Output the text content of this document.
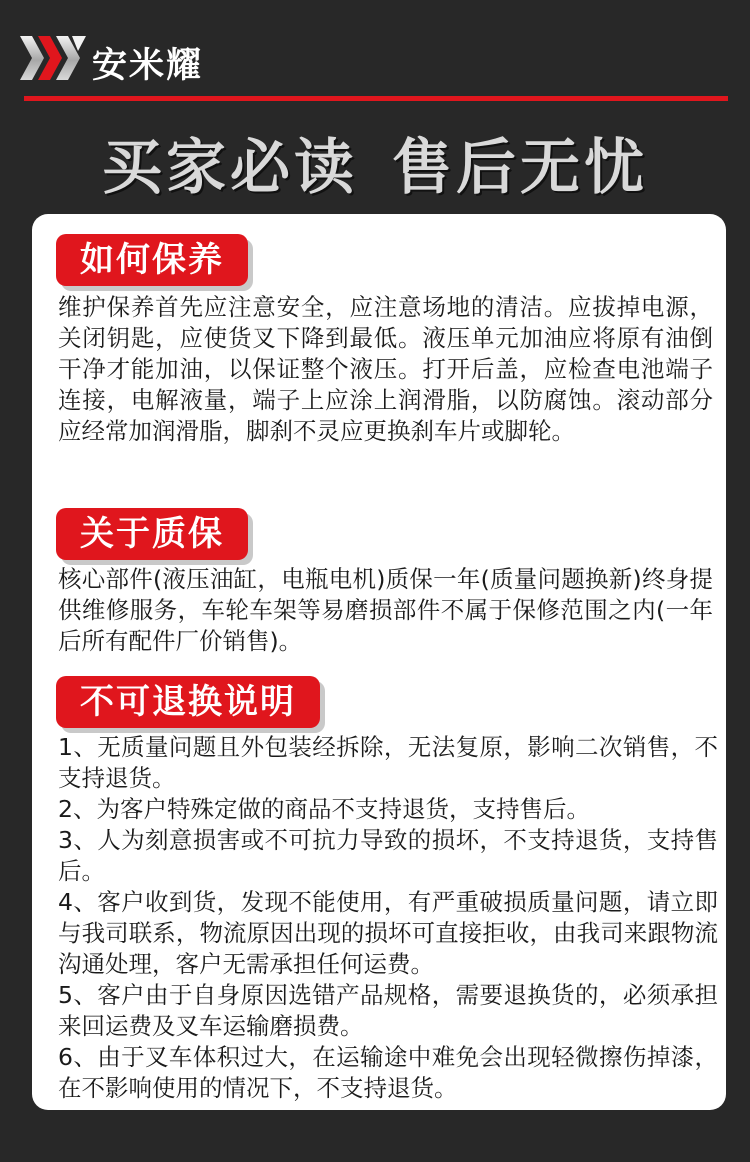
安米耀
买家必读 售后无忧
如何保养
维护保养首先应注意安全，应注意场地的清洁。应拔掉电源，关闭钥匙，应使货叉下降到最低。液压单元加油应将原有油倒干净才能加油，以保证整个液压。打开后盖，应检查电池端子连接，电解液量，端子上应涂上润滑脂，以防腐蚀。滚动部分应经常加润滑脂，脚刹不灵应更换刹车片或脚轮。
关于质保
核心部件(液压油缸，电瓶电机)质保一年(质量问题换新)终身提供维修服务，车轮车架等易磨损部件不属于保修范围之内(一年后所有配件厂价销售)。
不可退换说明

1、无质量问题且外包装经拆除，无法复原，影响二次销售，不支持退货。

2、为客户特殊定做的商品不支持退货，支持售后。

3、人为刻意损害或不可抗力导致的损坏，不支持退货，支持售后。

4、客户收到货，发现不能使用，有严重破损质量问题，请立即与我司联系，物流原因出现的损坏可直接拒收，由我司来跟物流沟通处理，客户无需承担任何运费。

5、客户由于自身原因选错产品规格，需要退换货的，必须承担来回运费及叉车运输磨损费。

6、由于叉车体积过大，在运输途中难免会出现轻微擦伤掉漆，在不影响使用的情况下，不支持退货。
